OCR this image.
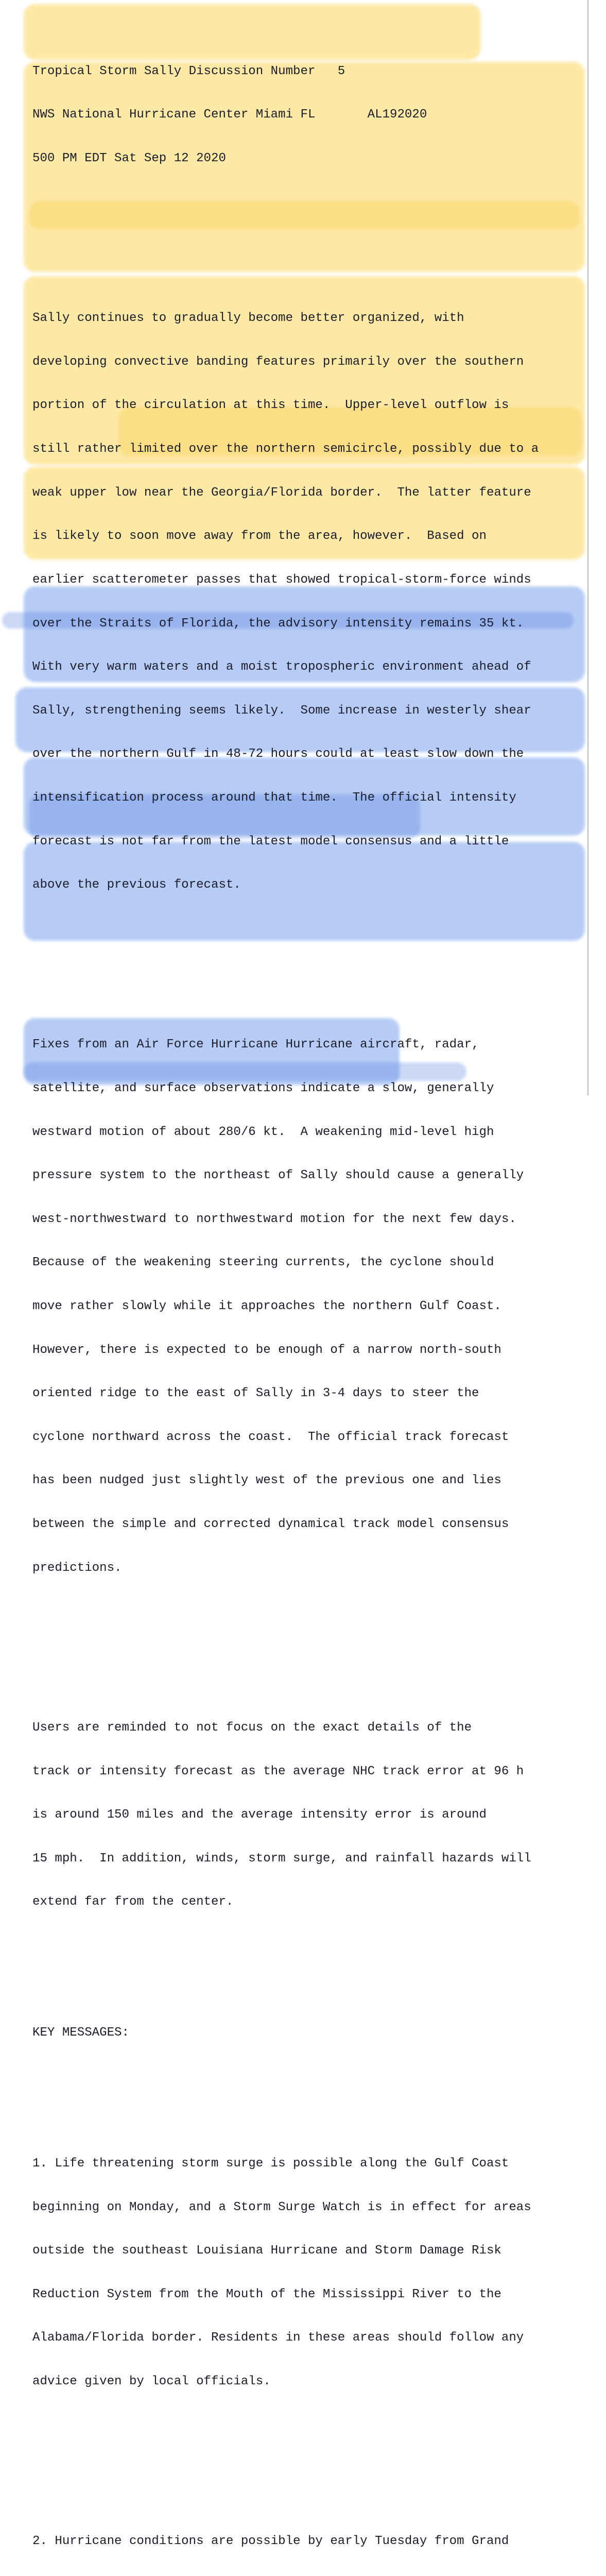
Tropical Storm Sally Discussion Number   5

NWS National Hurricane Center Miami FL       AL192020

500 PM EDT Sat Sep 12 2020

Sally continues to gradually become better organized, with

developing convective banding features primarily over the southern

portion of the circulation at this time.  Upper-level outflow is

still rather limited over the northern semicircle, possibly due to a

weak upper low near the Georgia/Florida border.  The latter feature

is likely to soon move away from the area, however.  Based on

earlier scatterometer passes that showed tropical-storm-force winds

over the Straits of Florida, the advisory intensity remains 35 kt.

With very warm waters and a moist tropospheric environment ahead of

Sally, strengthening seems likely.  Some increase in westerly shear

over the northern Gulf in 48-72 hours could at least slow down the

intensification process around that time.  The official intensity

forecast is not far from the latest model consensus and a little

above the previous forecast.

Fixes from an Air Force Hurricane Hurricane aircraft, radar,

satellite, and surface observations indicate a slow, generally

westward motion of about 280/6 kt.  A weakening mid-level high

pressure system to the northeast of Sally should cause a generally

west-northwestward to northwestward motion for the next few days.

Because of the weakening steering currents, the cyclone should

move rather slowly while it approaches the northern Gulf Coast.

However, there is expected to be enough of a narrow north-south

oriented ridge to the east of Sally in 3-4 days to steer the

cyclone northward across the coast.  The official track forecast

has been nudged just slightly west of the previous one and lies

between the simple and corrected dynamical track model consensus

predictions.

Users are reminded to not focus on the exact details of the

track or intensity forecast as the average NHC track error at 96 h

is around 150 miles and the average intensity error is around

15 mph.  In addition, winds, storm surge, and rainfall hazards will

extend far from the center.

KEY MESSAGES:

1. Life threatening storm surge is possible along the Gulf Coast

beginning on Monday, and a Storm Surge Watch is in effect for areas

outside the southeast Louisiana Hurricane and Storm Damage Risk

Reduction System from the Mouth of the Mississippi River to the

Alabama/Florida border. Residents in these areas should follow any

advice given by local officials.

2. Hurricane conditions are possible by early Tuesday from Grand
